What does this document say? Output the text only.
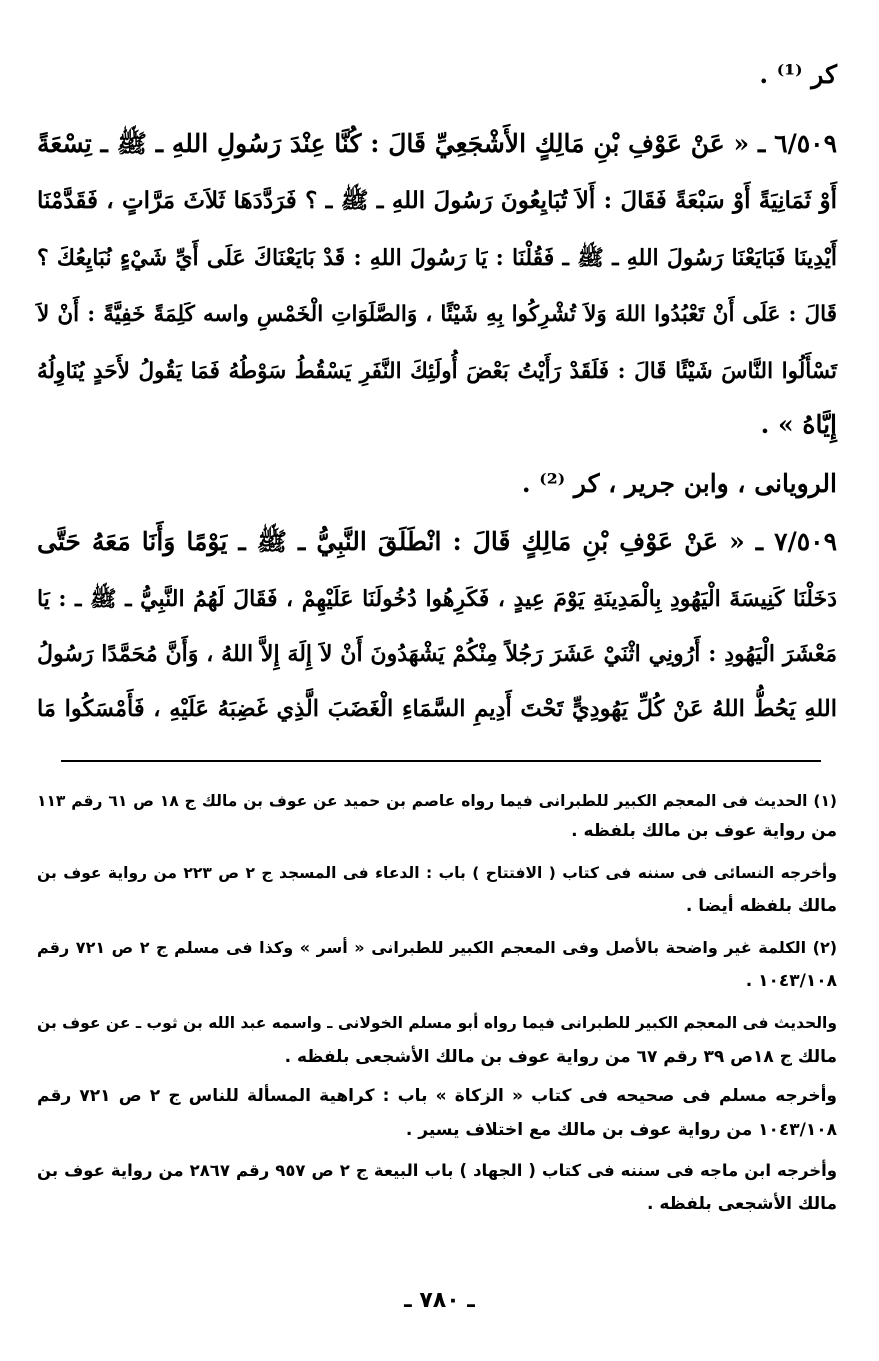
كر ⁽¹⁾ .
٦/٥٠٩ ـ « عَنْ عَوْفِ بْنِ مَالِكٍ الأَشْجَعِيِّ قَالَ : كُنَّا عِنْدَ رَسُولِ اللهِ ـ ﷺ ـ تِسْعَةً
أَوْ ثَمَانِيَةً أَوْ سَبْعَةً فَقَالَ : أَلاَ تُبَايِعُونَ رَسُولَ اللهِ ـ ﷺ ـ ؟ فَرَدَّدَهَا ثَلاَثَ مَرَّاتٍ ، فَقَدَّمْنَا
أَيْدِينَا فَبَايَعْنَا رَسُولَ اللهِ ـ ﷺ ـ فَقُلْنَا : يَا رَسُولَ اللهِ : قَدْ بَايَعْنَاكَ عَلَى أَيِّ شَيْءٍ نُبَايِعُكَ ؟
قَالَ : عَلَى أَنْ تَعْبُدُوا اللهَ وَلاَ تُشْرِكُوا بِهِ شَيْئًا ، وَالصَّلَوَاتِ الْخَمْسِ واسه كَلِمَةً خَفِيَّةً : أَنْ لاَ
تَسْأَلُوا النَّاسَ شَيْئًا قَالَ : فَلَقَدْ رَأَيْتُ بَعْضَ أُولَئِكَ النَّفَرِ يَسْقُطُ سَوْطُهُ فَمَا يَقُولُ لأَحَدٍ يُنَاوِلُهُ
إِيَّاهُ » .
الرويانى ، وابن جرير ، كر ⁽²⁾ .
٧/٥٠٩ ـ « عَنْ عَوْفِ بْنِ مَالِكٍ قَالَ : انْطَلَقَ النَّبِيُّ ـ ﷺ ـ يَوْمًا وَأَنَا مَعَهُ حَتَّى
دَخَلْنَا كَنِيسَةَ الْيَهُودِ بِالْمَدِينَةِ يَوْمَ عِيدٍ ، فَكَرِهُوا دُخُولَنَا عَلَيْهِمْ ، فَقَالَ لَهُمُ النَّبِيُّ ـ ﷺ ـ : يَا
مَعْشَرَ الْيَهُودِ : أَرُونِي اثْنَيْ عَشَرَ رَجُلاً مِنْكُمْ يَشْهَدُونَ أَنْ لاَ إِلَهَ إِلاَّ اللهُ ، وَأَنَّ مُحَمَّدًا رَسُولُ
اللهِ يَحُطُّ اللهُ عَنْ كُلِّ يَهُودِيٍّ تَحْتَ أَدِيمِ السَّمَاءِ الْغَضَبَ الَّذِي غَضِبَهُ عَلَيْهِ ، فَأَمْسَكُوا مَا
(١) الحديث فى المعجم الكبير للطبرانى فيما رواه عاصم بن حميد عن عوف بن مالك ج ١٨ ص ٦١ رقم ١١٣
من رواية عوف بن مالك بلفظه .
وأخرجه النسائى فى سننه فى كتاب ( الافتتاح ) باب : الدعاء فى المسجد ج ٢ ص ٢٢٣ من رواية عوف بن
مالك بلفظه أيضا .
(٢) الكلمة غير واضحة بالأصل وفى المعجم الكبير للطبرانى « أسر » وكذا فى مسلم ج ٢ ص ٧٢١ رقم
١٠٤٣/١٠٨ .
والحديث فى المعجم الكبير للطبرانى فيما رواه أبو مسلم الخولانى ـ واسمه عبد الله بن ثوب ـ عن عوف بن
مالك ج ١٨ص ٣٩ رقم ٦٧ من رواية عوف بن مالك الأشجعى بلفظه .
وأخرجه مسلم فى صحيحه فى كتاب « الزكاة » باب : كراهية المسألة للناس ج ٢ ص ٧٢١ رقم
١٠٤٣/١٠٨ من رواية عوف بن مالك مع اختلاف يسير .
وأخرجه ابن ماجه فى سننه فى كتاب ( الجهاد ) باب البيعة ج ٢ ص ٩٥٧ رقم ٢٨٦٧ من رواية عوف بن
مالك الأشجعى بلفظه .
ـ ٧٨٠ ـ
